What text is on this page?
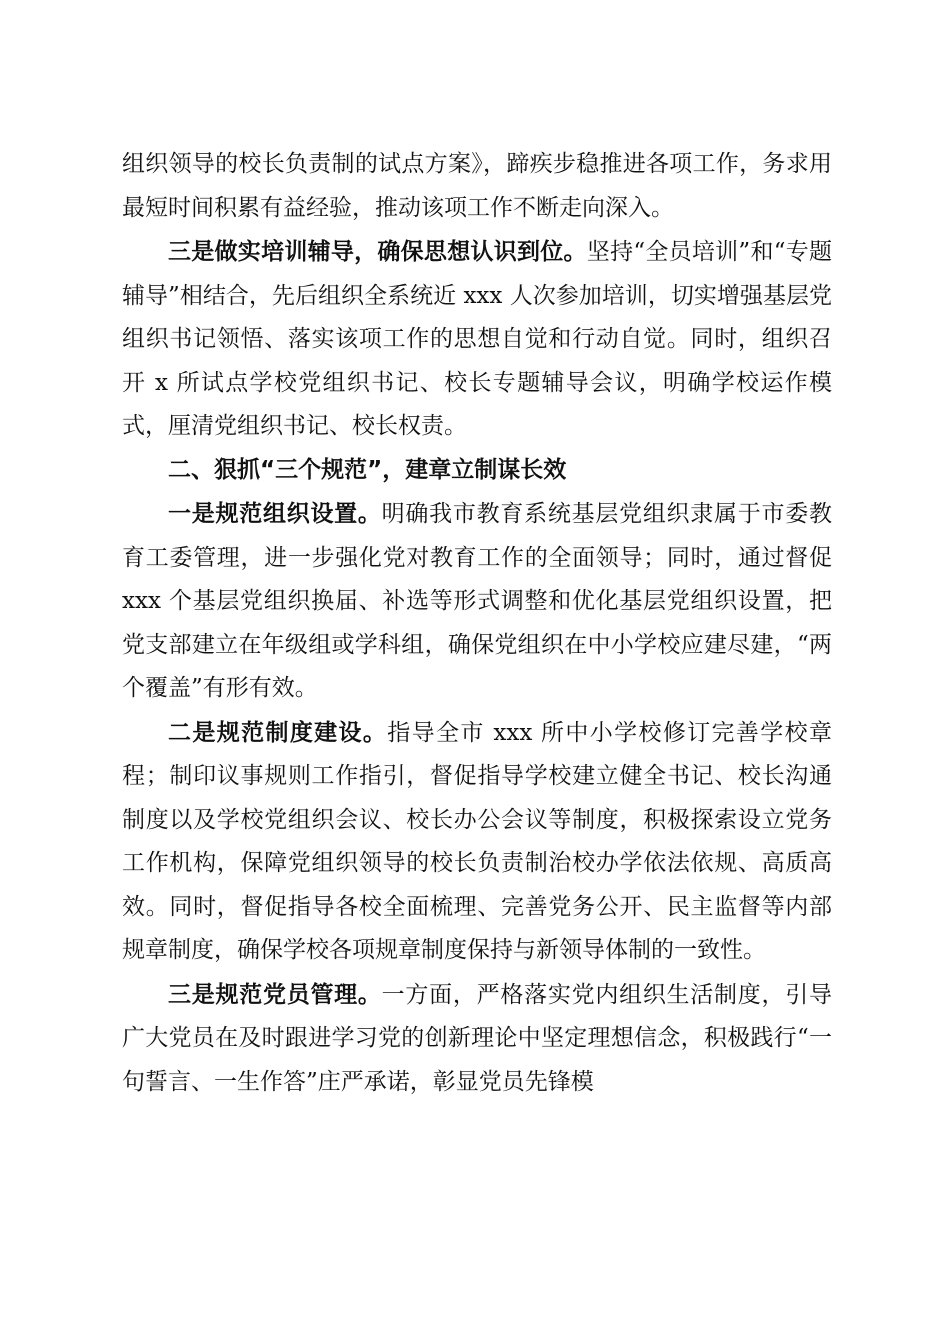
组织领导的校长负责制的试点方案》，蹄疾步稳推进各项工作，务求用最短时间积累有益经验，推动该项工作不断走向深入。

三是做实培训辅导，确保思想认识到位。坚持“全员培训”和“专题辅导”相结合，先后组织全系统近 xxx 人次参加培训，切实增强基层党组织书记领悟、落实该项工作的思想自觉和行动自觉。同时，组织召开 x 所试点学校党组织书记、校长专题辅导会议，明确学校运作模式，厘清党组织书记、校长权责。

二、狠抓“三个规范”，建章立制谋长效

一是规范组织设置。明确我市教育系统基层党组织隶属于市委教育工委管理，进一步强化党对教育工作的全面领导；同时，通过督促 xxx 个基层党组织换届、补选等形式调整和优化基层党组织设置，把党支部建立在年级组或学科组，确保党组织在中小学校应建尽建，“两个覆盖”有形有效。

二是规范制度建设。指导全市 xxx 所中小学校修订完善学校章程；制印议事规则工作指引，督促指导学校建立健全书记、校长沟通制度以及学校党组织会议、校长办公会议等制度，积极探索设立党务工作机构，保障党组织领导的校长负责制治校办学依法依规、高质高效。同时，督促指导各校全面梳理、完善党务公开、民主监督等内部规章制度，确保学校各项规章制度保持与新领导体制的一致性。

三是规范党员管理。一方面，严格落实党内组织生活制度，引导广大党员在及时跟进学习党的创新理论中坚定理想信念，积极践行“一句誓言、一生作答”庄严承诺，彰显党员先锋模
